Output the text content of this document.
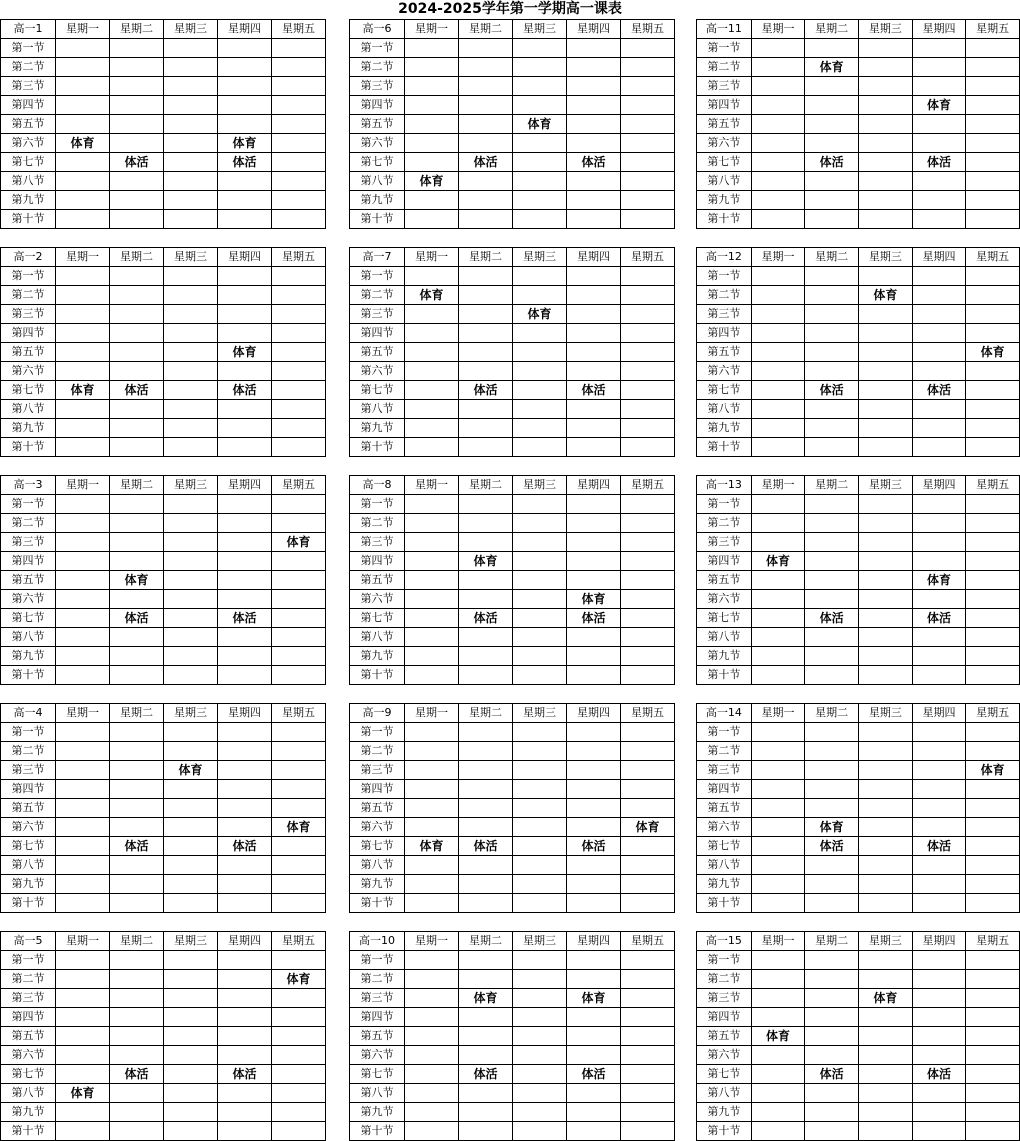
2024-2025学年第一学期高一课表
高一1	星期一	星期二	星期三	星期四	星期五
第一节					
第二节					
第三节					
第四节					
第五节					
第六节	体育			体育	
第七节		体活		体活	
第八节					
第九节					
第十节					
高一6	星期一	星期二	星期三	星期四	星期五
第一节					
第二节					
第三节					
第四节					
第五节			体育		
第六节					
第七节		体活		体活	
第八节	体育				
第九节					
第十节					
高一11	星期一	星期二	星期三	星期四	星期五
第一节					
第二节		体育			
第三节					
第四节				体育	
第五节					
第六节					
第七节		体活		体活	
第八节					
第九节					
第十节					
高一2	星期一	星期二	星期三	星期四	星期五
第一节					
第二节					
第三节					
第四节					
第五节				体育	
第六节					
第七节	体育	体活		体活	
第八节					
第九节					
第十节					
高一7	星期一	星期二	星期三	星期四	星期五
第一节					
第二节	体育				
第三节			体育		
第四节					
第五节					
第六节					
第七节		体活		体活	
第八节					
第九节					
第十节					
高一12	星期一	星期二	星期三	星期四	星期五
第一节					
第二节			体育		
第三节					
第四节					
第五节					体育
第六节					
第七节		体活		体活	
第八节					
第九节					
第十节					
高一3	星期一	星期二	星期三	星期四	星期五
第一节					
第二节					
第三节					体育
第四节					
第五节		体育			
第六节					
第七节		体活		体活	
第八节					
第九节					
第十节					
高一8	星期一	星期二	星期三	星期四	星期五
第一节					
第二节					
第三节					
第四节		体育			
第五节					
第六节				体育	
第七节		体活		体活	
第八节					
第九节					
第十节					
高一13	星期一	星期二	星期三	星期四	星期五
第一节					
第二节					
第三节					
第四节	体育				
第五节				体育	
第六节					
第七节		体活		体活	
第八节					
第九节					
第十节					
高一4	星期一	星期二	星期三	星期四	星期五
第一节					
第二节					
第三节			体育		
第四节					
第五节					
第六节					体育
第七节		体活		体活	
第八节					
第九节					
第十节					
高一9	星期一	星期二	星期三	星期四	星期五
第一节					
第二节					
第三节					
第四节					
第五节					
第六节					体育
第七节	体育	体活		体活	
第八节					
第九节					
第十节					
高一14	星期一	星期二	星期三	星期四	星期五
第一节					
第二节					
第三节					体育
第四节					
第五节					
第六节		体育			
第七节		体活		体活	
第八节					
第九节					
第十节					
高一5	星期一	星期二	星期三	星期四	星期五
第一节					
第二节					体育
第三节					
第四节					
第五节					
第六节					
第七节		体活		体活	
第八节	体育				
第九节					
第十节					
高一10	星期一	星期二	星期三	星期四	星期五
第一节					
第二节					
第三节		体育		体育	
第四节					
第五节					
第六节					
第七节		体活		体活	
第八节					
第九节					
第十节					
高一15	星期一	星期二	星期三	星期四	星期五
第一节					
第二节					
第三节			体育		
第四节					
第五节	体育				
第六节					
第七节		体活		体活	
第八节					
第九节					
第十节					
